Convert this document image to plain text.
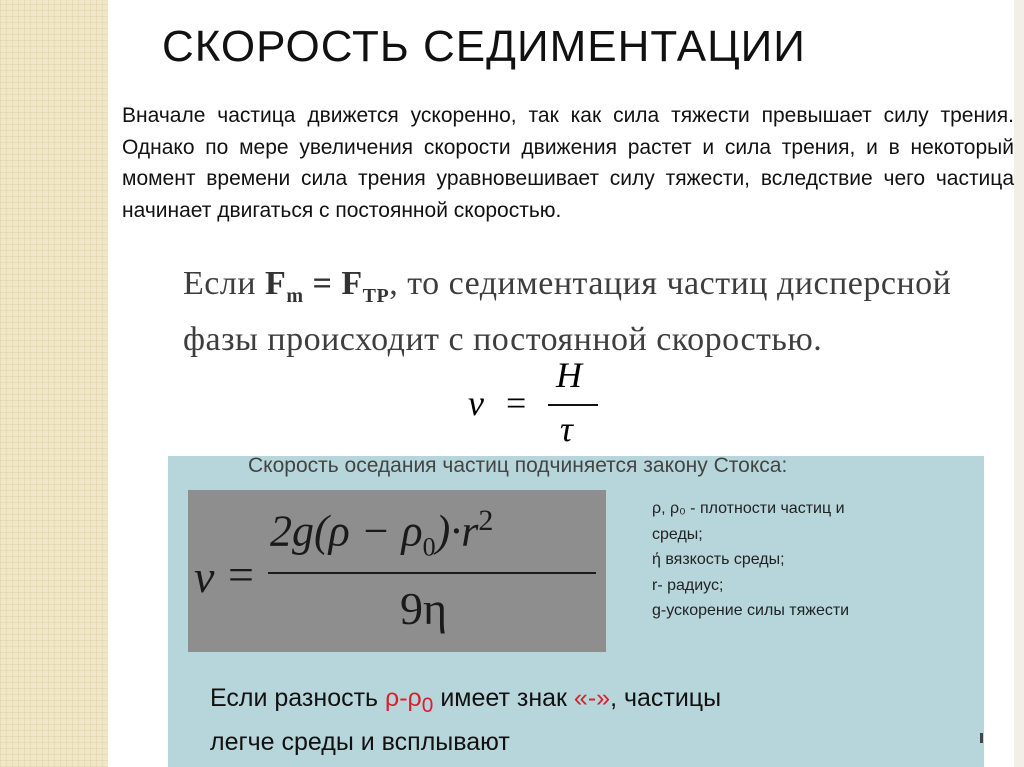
СКОРОСТЬ СЕДИМЕНТАЦИИ
Вначале частица движется ускоренно, так как сила тяжести превышает силу трения. Однако по мере увеличения скорости движения растет и сила трения, и в некоторый момент времени сила трения уравновешивает силу тяжести, вследствие чего частица начинает двигаться с постоянной скоростью.
Если $F_m = F_{TP}$, то седиментация частиц дисперсной фазы происходит с постоянной скоростью.
ν =
H
τ
Скорость оседания частиц подчиняется закону Стокса:
v =
$2g(\rho - \rho_0)\cdot r^2$
9η
ρ, ρ₀ - плотности частиц и
среды;
ή вязкость среды;
r- радиус;
g-ускорение силы тяжести
Если разность $\rho-\rho_0$ имеет знак «-», частицы
легче среды и всплывают
